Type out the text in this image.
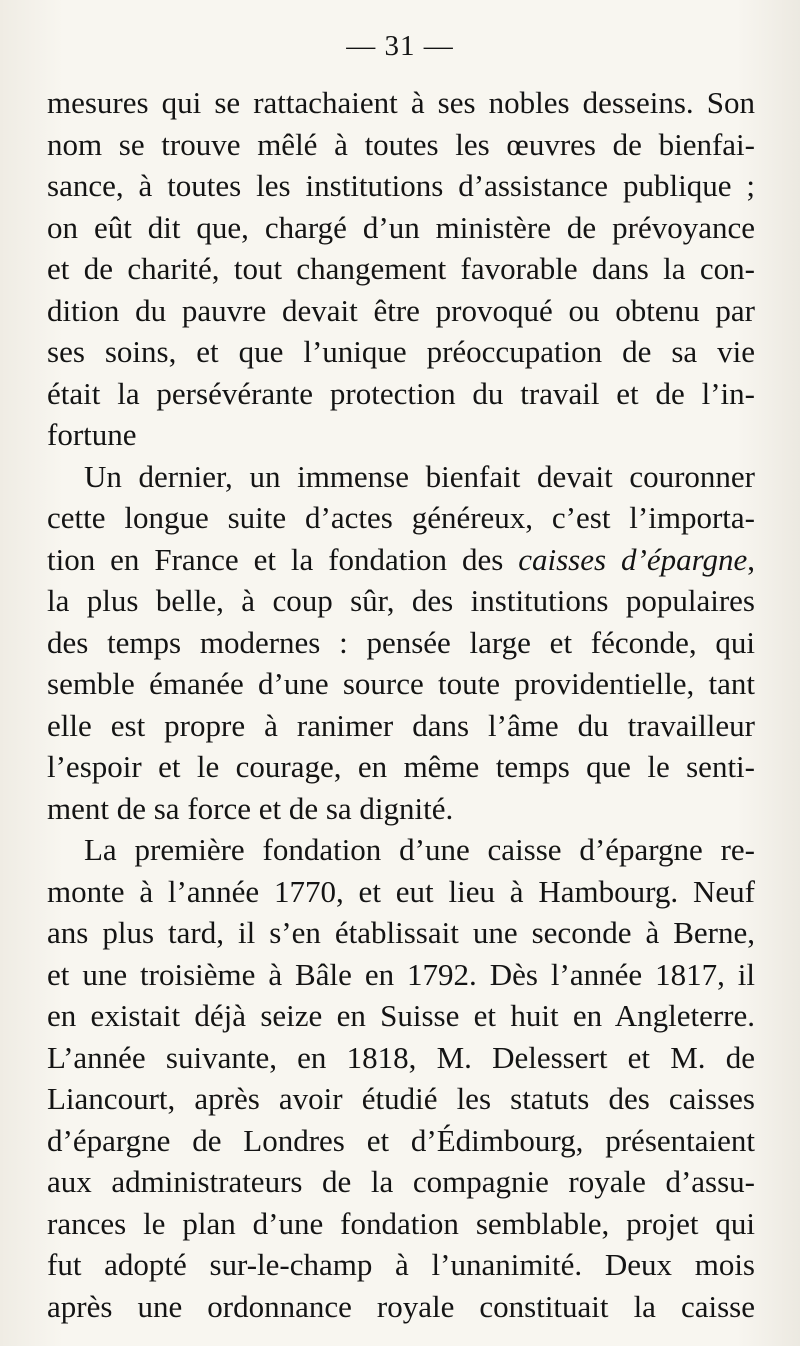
— 31 —
mesures qui se rattachaient à ses nobles desseins. Son
nom se trouve mêlé à toutes les œuvres de bienfai-
sance, à toutes les institutions d’assistance publique ;
on eût dit que, chargé d’un ministère de prévoyance
et de charité, tout changement favorable dans la con-
dition du pauvre devait être provoqué ou obtenu par
ses soins, et que l’unique préoccupation de sa vie
était la persévérante protection du travail et de l’in-
fortune
Un dernier, un immense bienfait devait couronner
cette longue suite d’actes généreux, c’est l’importa-
tion en France et la fondation des caisses d’épargne,
la plus belle, à coup sûr, des institutions populaires
des temps modernes : pensée large et féconde, qui
semble émanée d’une source toute providentielle, tant
elle est propre à ranimer dans l’âme du travailleur
l’espoir et le courage, en même temps que le senti-
ment de sa force et de sa dignité.
La première fondation d’une caisse d’épargne re-
monte à l’année 1770, et eut lieu à Hambourg. Neuf
ans plus tard, il s’en établissait une seconde à Berne,
et une troisième à Bâle en 1792. Dès l’année 1817, il
en existait déjà seize en Suisse et huit en Angleterre.
L’année suivante, en 1818, M. Delessert et M. de
Liancourt, après avoir étudié les statuts des caisses
d’épargne de Londres et d’Édimbourg, présentaient
aux administrateurs de la compagnie royale d’assu-
rances le plan d’une fondation semblable, projet qui
fut adopté sur-le-champ à l’unanimité. Deux mois
après une ordonnance royale constituait la caisse
